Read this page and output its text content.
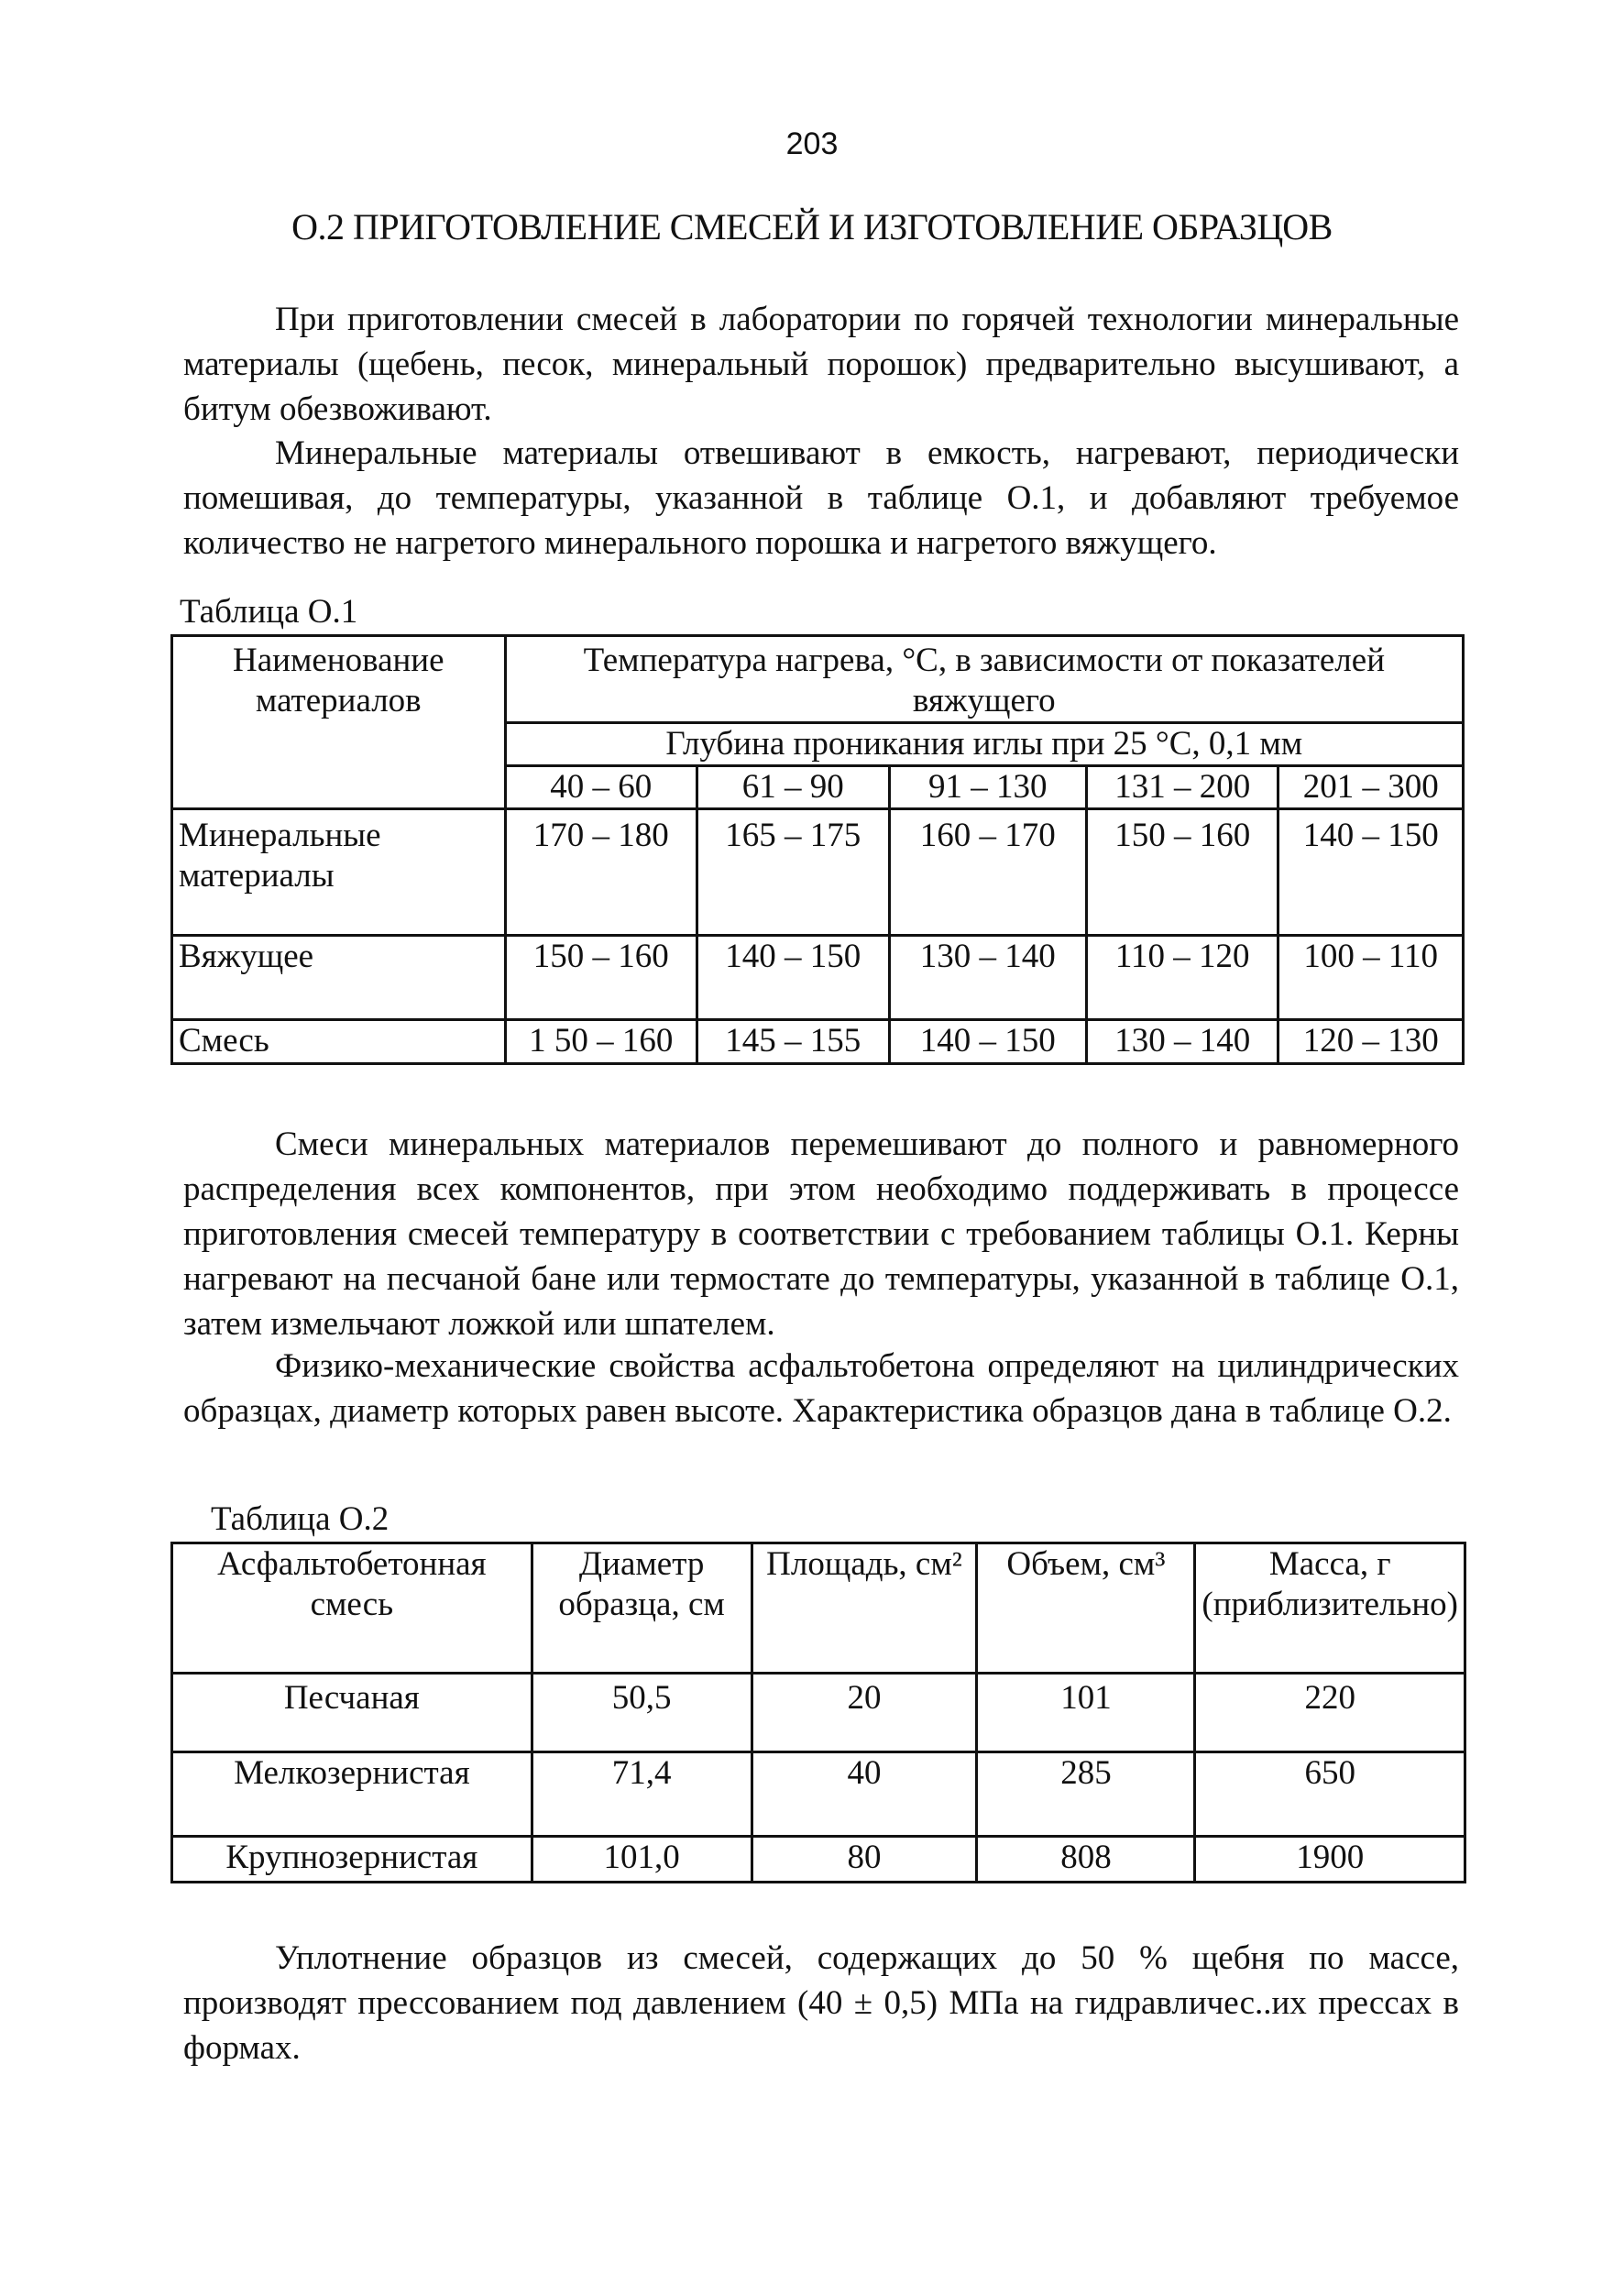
203
О.2 ПРИГОТОВЛЕНИЕ СМЕСЕЙ И ИЗГОТОВЛЕНИЕ ОБРАЗЦОВ

При приготовлении смесей в лаборатории по горячей технологии минеральные материалы (щебень, песок, минеральный порошок) предварительно высушивают, а битум обезвоживают.

Минеральные материалы отвешивают в емкость, нагревают, периодически помешивая, до температуры, указанной в таблице О.1, и добавляют требуемое количество не нагретого минерального порошка и нагретого вяжущего.

Таблица О.1
Наименование материалов	Температура нагрева, °С, в зависимости от показателей вяжущего				
	Глубина проникания иглы при 25 °С, 0,1 мм				
	40 – 60	61 – 90	91 – 130	131 – 200	201 – 300
Минеральные материалы	170 – 180	165 – 175	160 – 170	150 – 160	140 – 150
Вяжущее	150 – 160	140 – 150	130 – 140	110 – 120	100 – 110
Смесь	1 50 – 160	145 – 155	140 – 150	130 – 140	120 – 130

Смеси минеральных материалов перемешивают до полного и равномерного распределения всех компонентов, при этом необходимо поддерживать в процессе приготовления смесей температуру в соответствии с требованием таблицы О.1. Керны нагревают на песчаной бане или термостате до температуры, указанной в таблице О.1, затем измельчают ложкой или шпателем.

Физико-механические свойства асфальтобетона определяют на цилиндрических образцах, диаметр которых равен высоте. Характеристика образцов дана в таблице О.2.

Таблица О.2
Асфальтобетонная смесь	Диаметр образца, см	Площадь, см²	Объем, см³	Масса, г (приблизительно)
Песчаная	50,5	20	101	220
Мелкозернистая	71,4	40	285	650
Крупнозернистая	101,0	80	808	1900

Уплотнение образцов из смесей, содержащих до 50 % щебня по массе, производят прессованием под давлением (40 ± 0,5) МПа на гидравличес..их прессах в формах.
